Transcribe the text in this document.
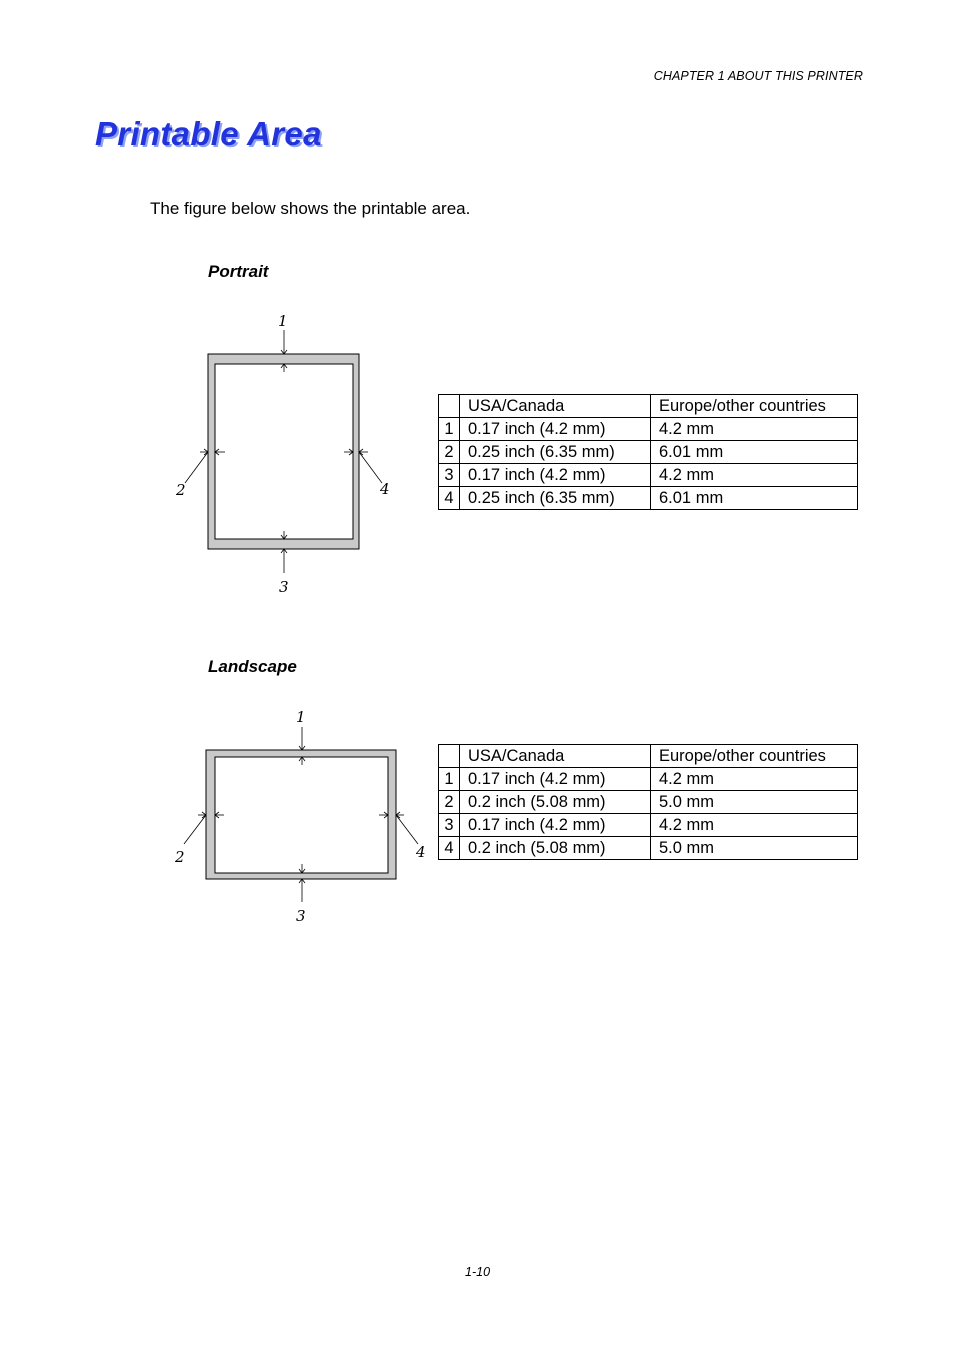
CHAPTER 1 ABOUT THIS PRINTER
Printable Area

The figure below shows the printable area.

Portrait

1
2
3
4
	USA/Canada	Europe/other countries
1	0.17 inch (4.2 mm)	4.2 mm
2	0.25 inch (6.35 mm)	6.01 mm
3	0.17 inch (4.2 mm)	4.2 mm
4	0.25 inch (6.35 mm)	6.01 mm

Landscape

1
2
3
4
	USA/Canada	Europe/other countries
1	0.17 inch (4.2 mm)	4.2 mm
2	0.2 inch (5.08 mm)	5.0 mm
3	0.17 inch (4.2 mm)	4.2 mm
4	0.2 inch (5.08 mm)	5.0 mm
1-10
